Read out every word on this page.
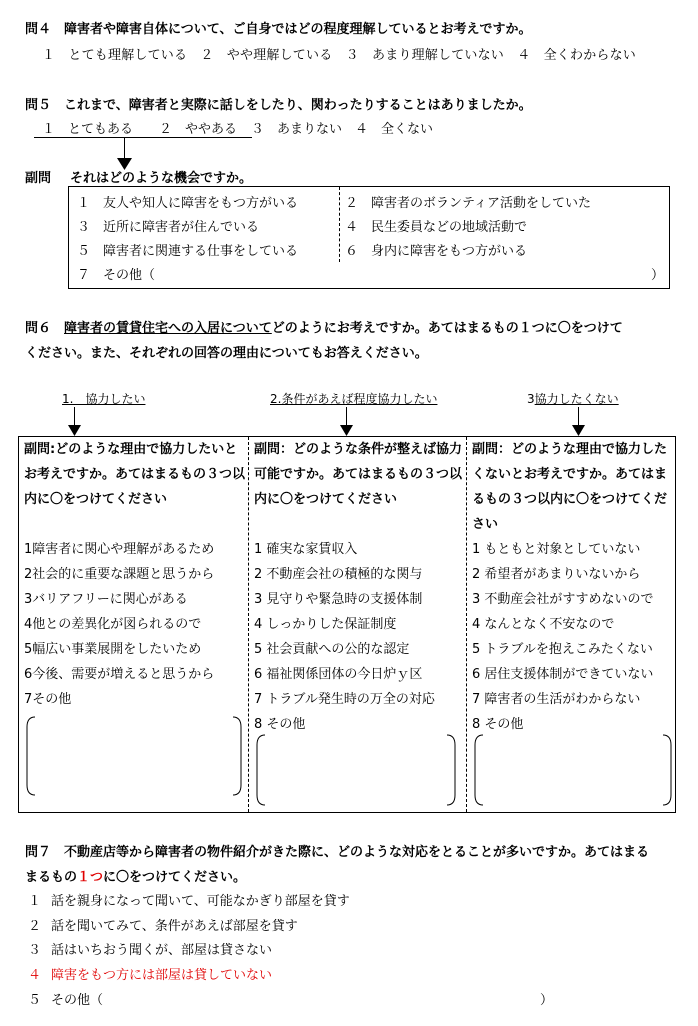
問４　障害者や障害自体について、ご自身ではどの程度理解しているとお考えですか。
１　とても理解している　２　やや理解している　３　あまり理解していない　４　全くわからない
問５　これまで、障害者と実際に話しをしたり、関わったりすることはありましたか。
１　とてもある　　２　ややある ３　あまりない　４　全くない
副問 それはどのような機会ですか。
１　友人や知人に障害をもつ方がいる	２　障害者のボランティア活動をしていた
３　近所に障害者が住んでいる	４　民生委員などの地域活動で
５　障害者に関連する仕事をしている	６　身内に障害をもつ方がいる
７　その他（	）
問６　障害者の賃貸住宅への入居についてどのようにお考えですか。あてはまるもの１つに〇をつけて
ください。また、それぞれの回答の理由についてもお答えください。
1.　協力したい	2.条件があえば程度協力したい	3協力したくない
副問:どのような理由で協力したいとお考えですか。あてはまるもの３つ以内に〇をつけてください
1障害者に関心や理解があるため
2社会的に重要な課題と思うから
3バリアフリーに関心がある
4他との差異化が図られるので
5幅広い事業展開をしたいため
6今後、需要が増えると思うから
7その他
副問：どのような条件が整えば協力可能ですか。あてはまるもの３つ以内に〇をつけてください
1 確実な家賃収入
2 不動産会社の積極的な関与
3 見守りや緊急時の支援体制
4 しっかりした保証制度
5 社会貢献への公的な認定
6 福祉関係団体の今日炉ｙ区
7 トラブル発生時の万全の対応
8 その他
副問：どのような理由で協力したくないとお考えですか。あてはまるもの３つ以内に〇をつけてください
1 もともと対象としていない
2 希望者があまりいないから
3 不動産会社がすすめないので
4 なんとなく不安なので
5 トラブルを抱えこみたくない
6 居住支援体制ができていない
7 障害者の生活がわからない
8 その他
問７　不動産店等から障害者の物件紹介がきた際に、どのような対応をとることが多いですか。あてはまる
まるもの１つに〇をつけてください。
１ 話を親身になって聞いて、可能なかぎり部屋を貸す
２ 話を聞いてみて、条件があえば部屋を貸す
３ 話はいちおう聞くが、部屋は貸さない
４ 障害をもつ方には部屋は貸していない
５ その他（	）
